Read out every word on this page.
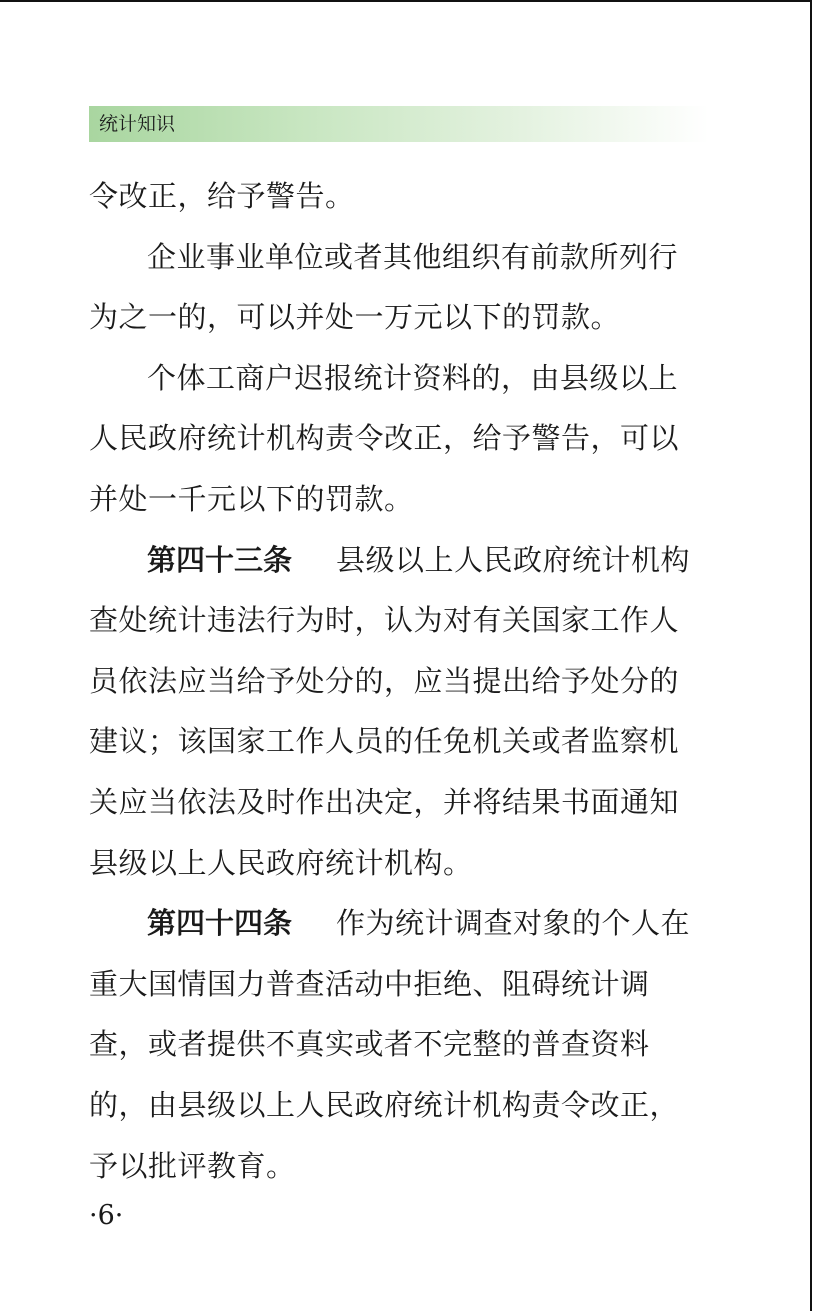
统计知识
令改正，给予警告。
企业事业单位或者其他组织有前款所列行
为之一的，可以并处一万元以下的罚款。
个体工商户迟报统计资料的，由县级以上
人民政府统计机构责令改正，给予警告，可以
并处一千元以下的罚款。
第四十三条 县级以上人民政府统计机构
查处统计违法行为时，认为对有关国家工作人
员依法应当给予处分的，应当提出给予处分的
建议；该国家工作人员的任免机关或者监察机
关应当依法及时作出决定，并将结果书面通知
县级以上人民政府统计机构。
第四十四条 作为统计调查对象的个人在
重大国情国力普查活动中拒绝、阻碍统计调
查，或者提供不真实或者不完整的普查资料
的，由县级以上人民政府统计机构责令改正，
予以批评教育。
·6·
